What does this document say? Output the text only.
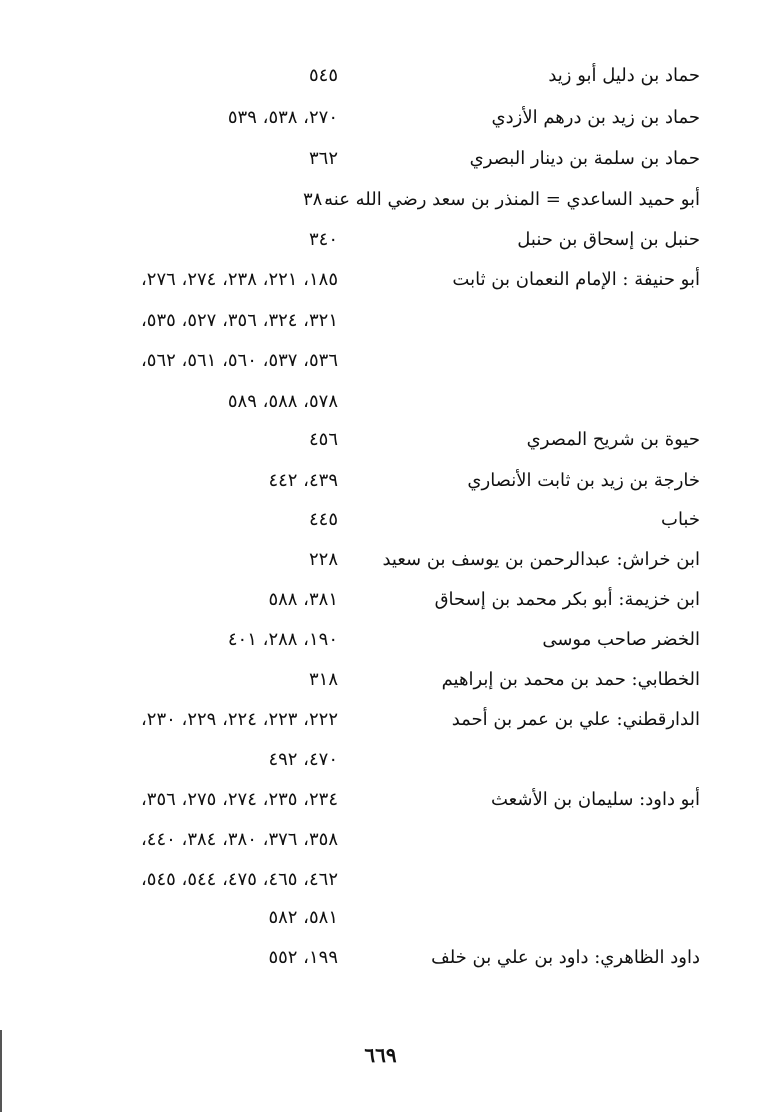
حماد بن دليل أبو زيد
٥٤٥
حماد بن زيد بن درهم الأزدي
٢٧٠، ٥٣٨، ٥٣٩
حماد بن سلمة بن دينار البصري
٣٦٢
أبو حميد الساعدي = المنذر بن سعد رضي الله عنه
٣٨٠
حنبل بن إسحاق بن حنبل
٣٤٠
أبو حنيفة : الإمام النعمان بن ثابت
١٨٥، ٢٢١، ٢٣٨، ٢٧٤، ٢٧٦،
٣٢١، ٣٢٤، ٣٥٦، ٥٢٧، ٥٣٥،
٥٣٦، ٥٣٧، ٥٦٠، ٥٦١، ٥٦٢،
٥٧٨، ٥٨٨، ٥٨٩
حيوة بن شريح المصري
٤٥٦
خارجة بن زيد بن ثابت الأنصاري
٤٣٩، ٤٤٢
خباب
٤٤٥
ابن خراش: عبدالرحمن بن يوسف بن سعيد
٢٢٨
ابن خزيمة: أبو بكر محمد بن إسحاق
٣٨١، ٥٨٨
الخضر صاحب موسى
١٩٠، ٢٨٨، ٤٠١
الخطابي: حمد بن محمد بن إبراهيم
٣١٨
الدارقطني: علي بن عمر بن أحمد
٢٢٢، ٢٢٣، ٢٢٤، ٢٢٩، ٢٣٠،
٤٧٠، ٤٩٢
أبو داود: سليمان بن الأشعث
٢٣٤، ٢٣٥، ٢٧٤، ٢٧٥، ٣٥٦،
٣٥٨، ٣٧٦، ٣٨٠، ٣٨٤، ٤٤٠،
٤٦٢، ٤٦٥، ٤٧٥، ٥٤٤، ٥٤٥،
٥٨١، ٥٨٢
داود الظاهري: داود بن علي بن خلف
١٩٩، ٥٥٢
٦٦٩
